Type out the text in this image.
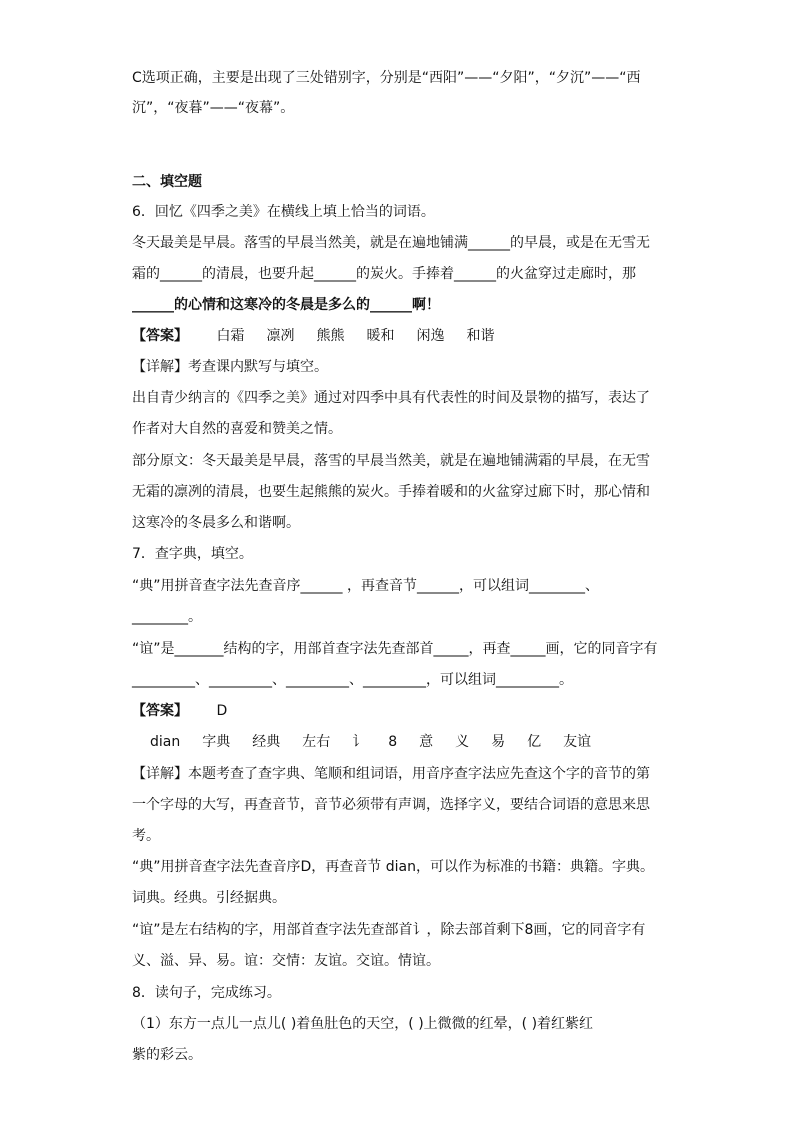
C选项正确，主要是出现了三处错别字，分别是“西阳”——“夕阳”，“夕沉”——“西
沉”，“夜暮”——“夜幕”。
二、填空题
6．回忆《四季之美》在横线上填上恰当的词语。
冬天最美是早晨。落雪的早晨当然美，就是在遍地铺满______的早晨，或是在无雪无
霜的______的清晨，也要升起______的炭火。手捧着______的火盆穿过走廊时，那
______的心情和这寒冷的冬晨是多么的______啊！
【答案】 白霜 凛冽 熊熊 暖和 闲逸 和谐
【详解】考查课内默写与填空。
出自青少纳言的《四季之美》通过对四季中具有代表性的时间及景物的描写，表达了
作者对大自然的喜爱和赞美之情。
部分原文：冬天最美是早晨，落雪的早晨当然美，就是在遍地铺满霜的早晨，在无雪
无霜的凛冽的清晨，也要生起熊熊的炭火。手捧着暖和的火盆穿过廊下时，那心情和
这寒冷的冬晨多么和谐啊。
7．查字典，填空。
“典”用拼音查字法先查音序______ ，再查音节______，可以组词________、
________。
“谊”是_______结构的字，用部首查字法先查部首_____，再查_____画，它的同音字有
_________、_________、_________、_________，可以组词_________。
【答案】 D
dian 字典 经典 左右 讠 8 意 义 易 亿 友谊
【详解】本题考查了查字典、笔顺和组词语，用音序查字法应先查这个字的音节的第
一个字母的大写，再查音节，音节必须带有声调，选择字义，要结合词语的意思来思
考。
“典”用拼音查字法先查音序D，再查音节 dian，可以作为标准的书籍：典籍。字典。
词典。经典。引经据典。
“谊”是左右结构的字，用部首查字法先查部首讠，除去部首剩下8画，它的同音字有
义、溢、异、易。谊：交情：友谊。交谊。情谊。
8．读句子，完成练习。
（1）东方一点儿一点儿( )着鱼肚色的天空，( )上微微的红晕，( )着红紫红
紫的彩云。
